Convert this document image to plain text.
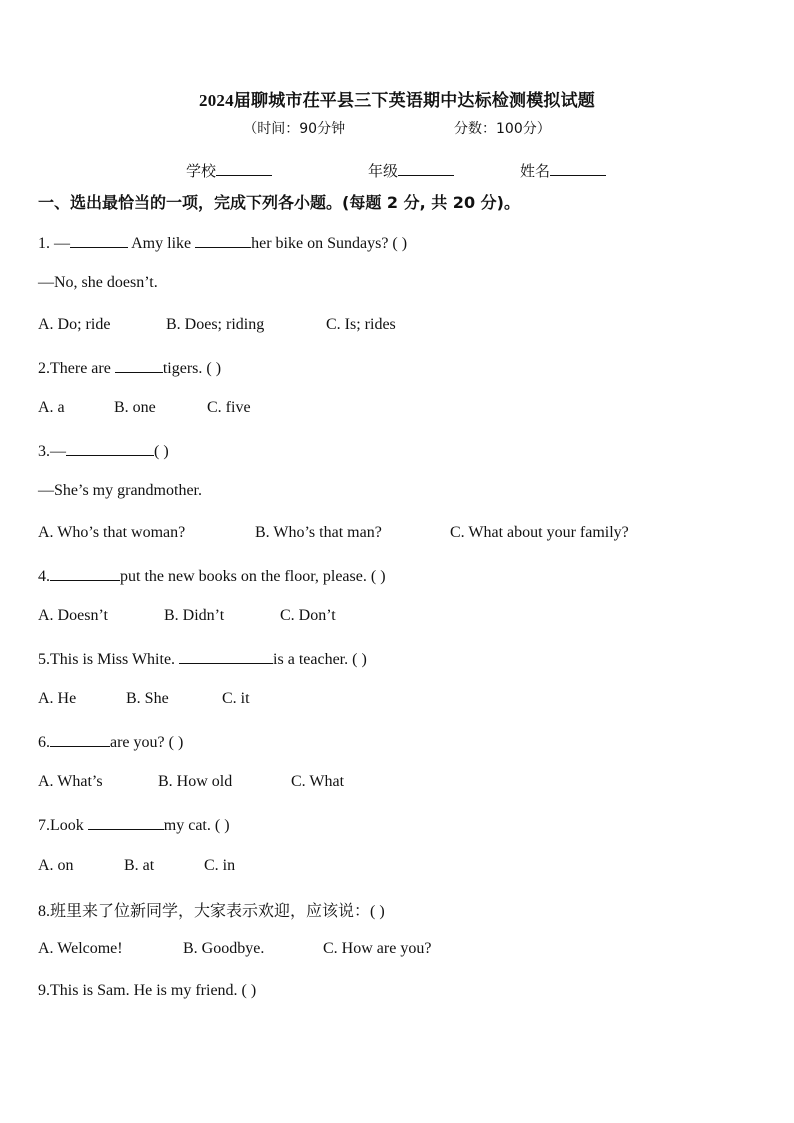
2024届聊城市茌平县三下英语期中达标检测模拟试题
（时间：90分钟	分数：100分）
学校	年级	姓名
一、选出最恰当的一项，完成下列各小题。(每题 2 分, 共 20 分)。
1. —	Amy like	her bike on Sundays? ( )
—No, she doesn’t.
A. Do; ride	B. Does; riding	C. Is; rides
2.There are	tigers. ( )
A. a	B. one	C. five
3.—	( )
—She’s my grandmother.
A. Who’s that woman?	B. Who’s that man?	C. What about your family?
4.	put the new books on the floor, please. ( )
A. Doesn’t	B. Didn’t	C. Don’t
5.This is Miss White.	is a teacher. ( )
A. He	B. She	C. it
6.	are you? ( )
A. What’s	B. How old	C. What
7.Look	my cat. ( )
A. on	B. at	C. in
8.班里来了位新同学，大家表示欢迎，应该说：( )
A. Welcome!	B. Goodbye.	C. How are you?
9.This is Sam. He is my friend. ( )
